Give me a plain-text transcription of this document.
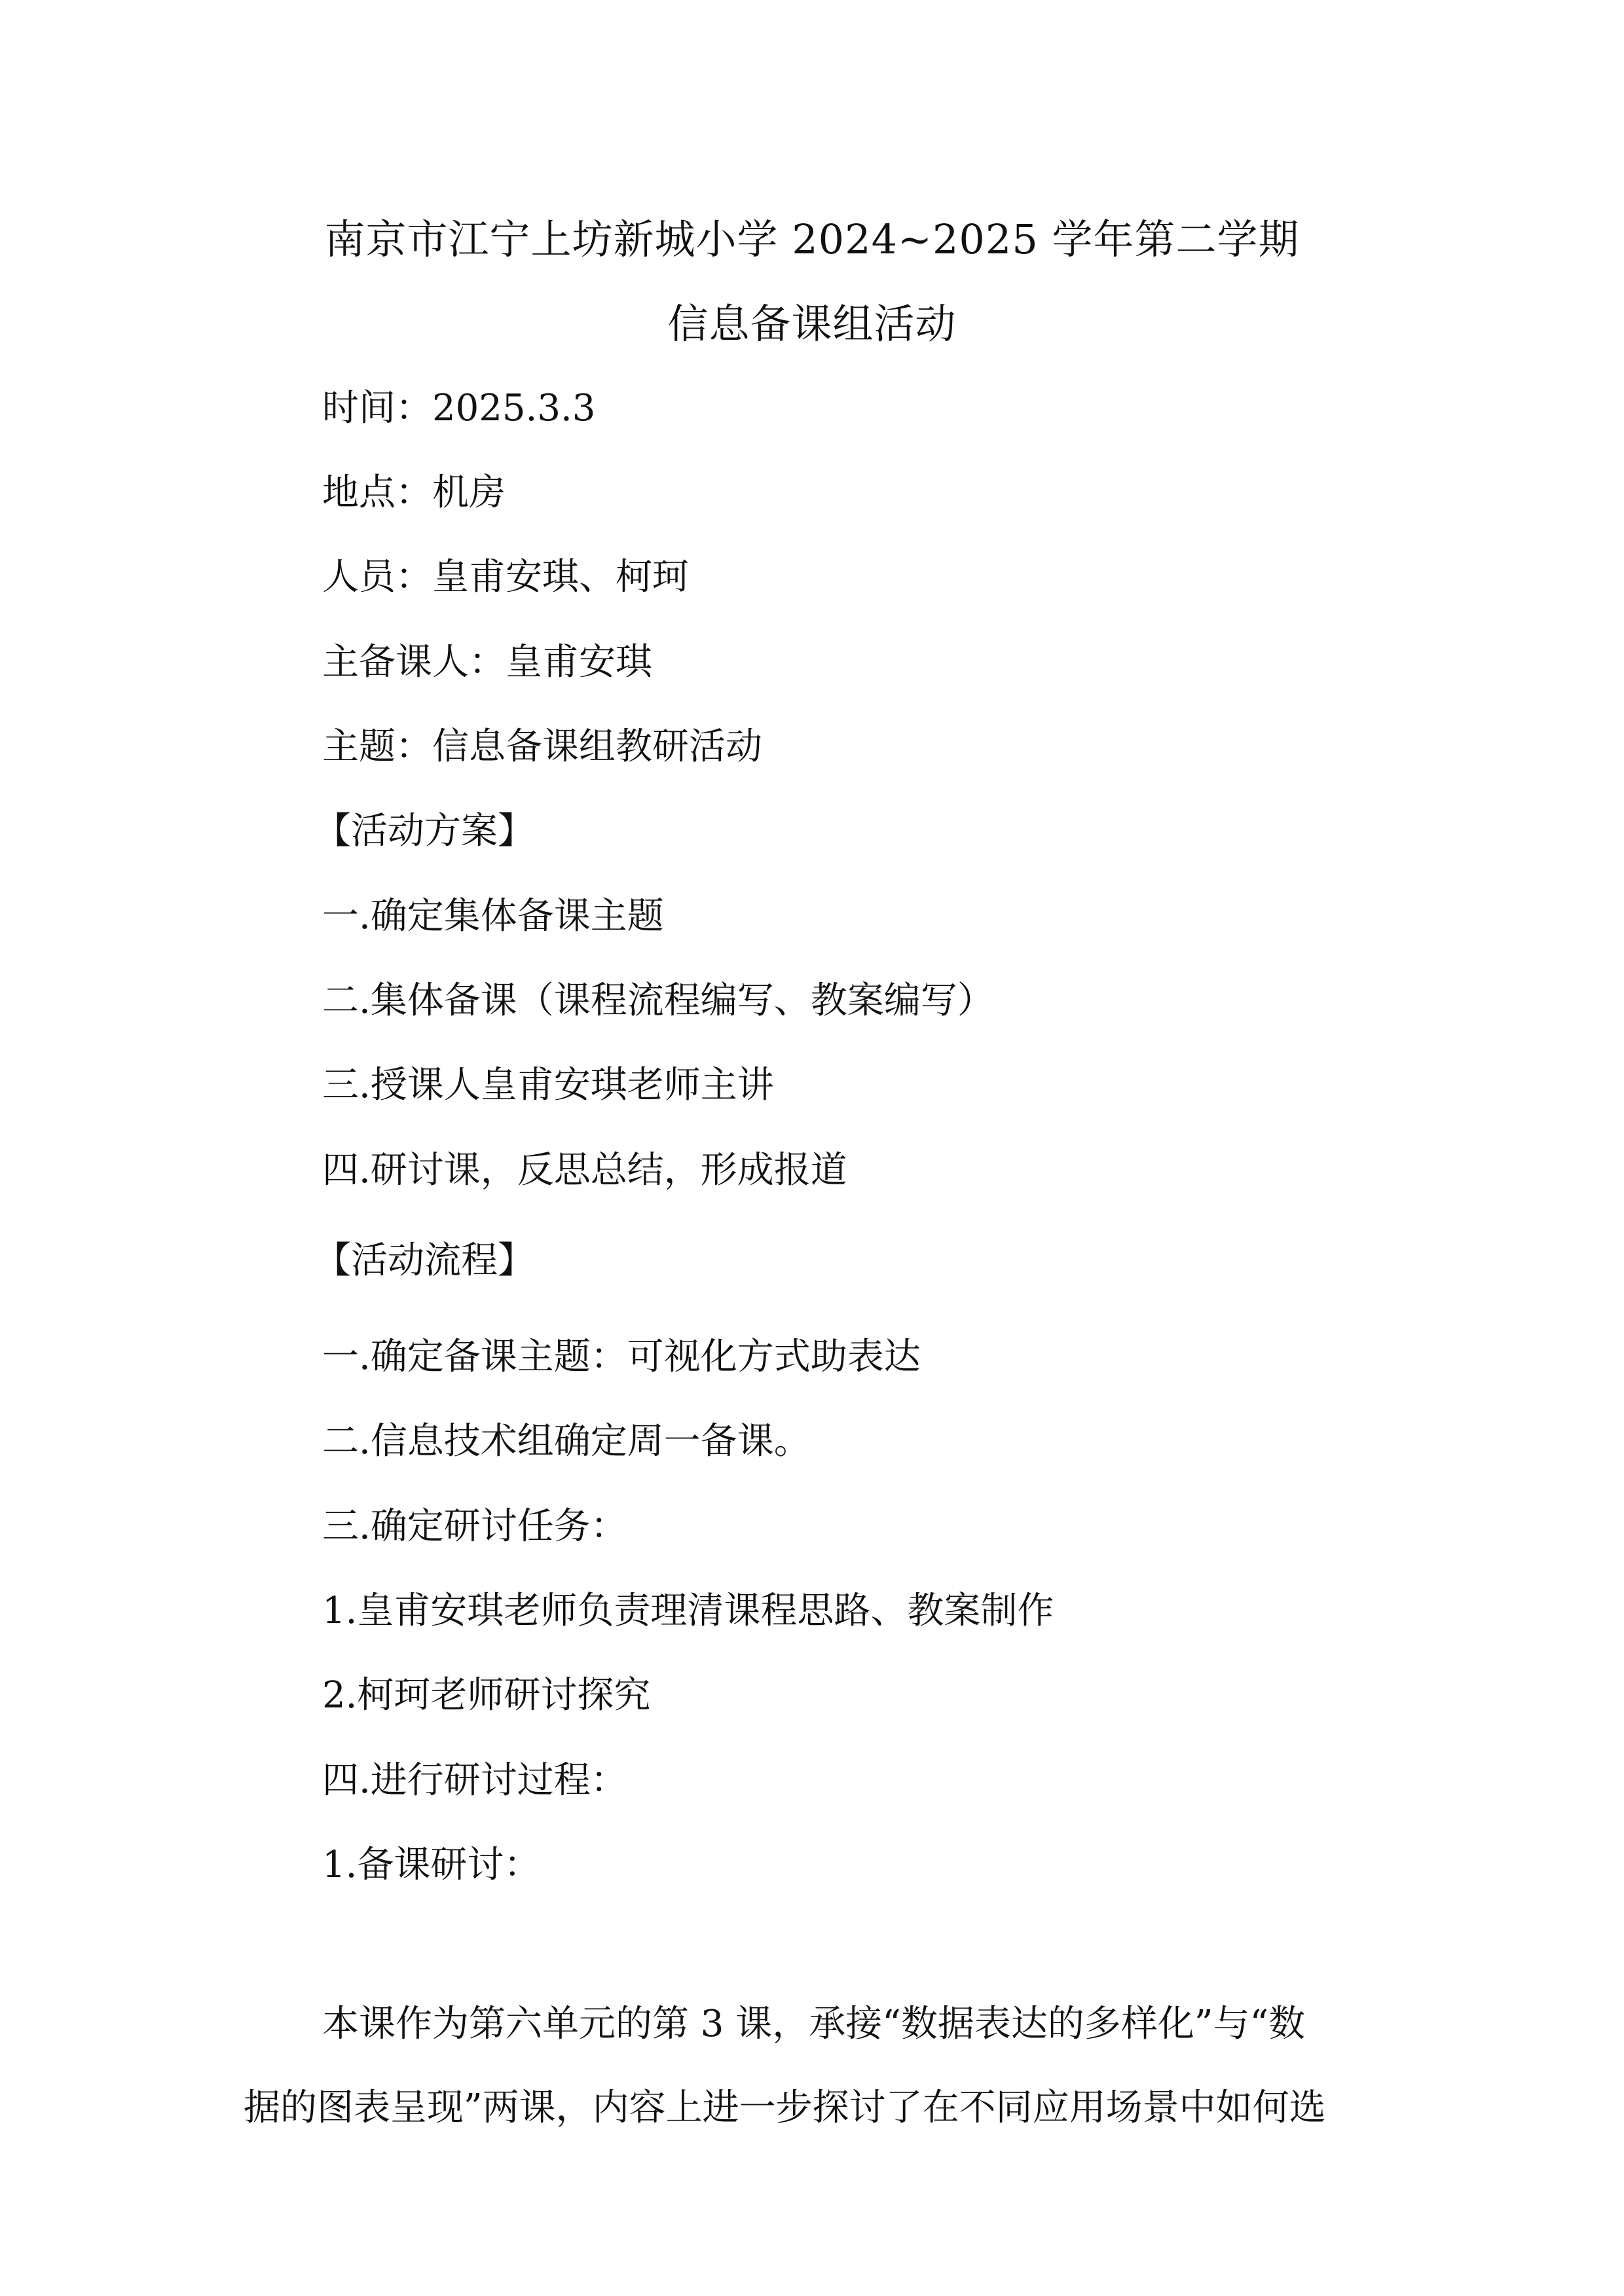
南京市江宁上坊新城小学 2024~2025 学年第二学期
信息备课组活动
时间：2025.3.3
地点：机房
人员：皇甫安琪、柯珂
主备课人：皇甫安琪
主题：信息备课组教研活动
【活动方案】
一.确定集体备课主题
二.集体备课（课程流程编写、教案编写）
三.授课人皇甫安琪老师主讲
四.研讨课，反思总结，形成报道
【活动流程】
一.确定备课主题：可视化方式助表达
二.信息技术组确定周一备课。
三.确定研讨任务：
1.皇甫安琪老师负责理清课程思路、教案制作
2.柯珂老师研讨探究
四.进行研讨过程：
1.备课研讨：
本课作为第六单元的第 3 课，承接“数据表达的多样化”与“数
据的图表呈现”两课，内容上进一步探讨了在不同应用场景中如何选
